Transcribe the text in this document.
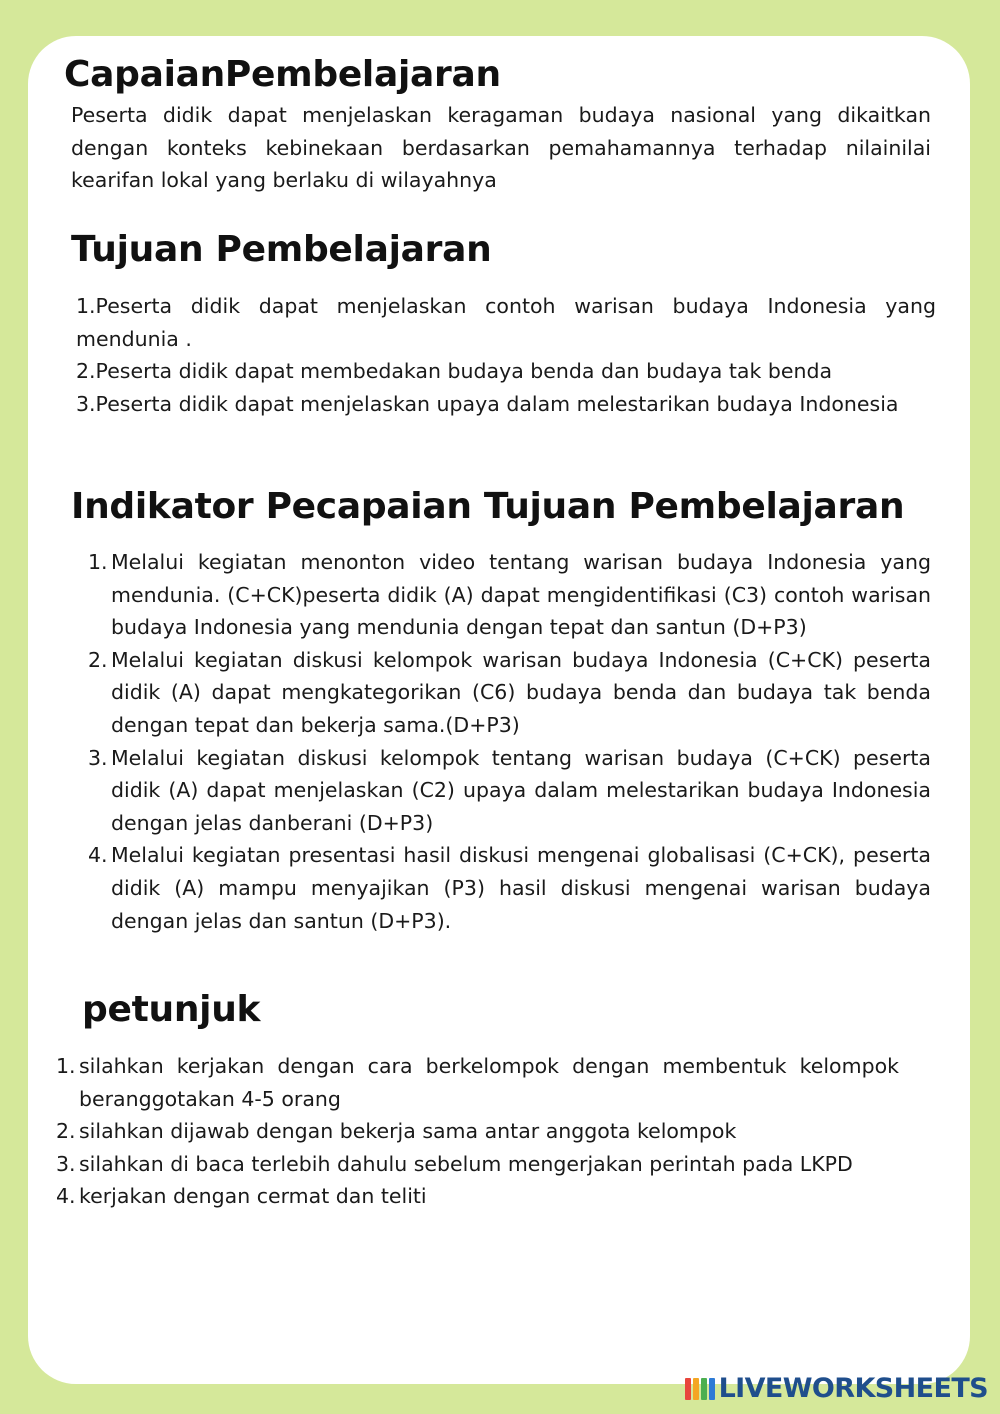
CapaianPembelajaran

Peserta didik dapat menjelaskan keragaman budaya nasional yang dikaitkan dengan konteks kebinekaan berdasarkan pemahamannya terhadap nilainilai kearifan lokal yang berlaku di wilayahnya

Tujuan Pembelajaran
1.Peserta didik dapat menjelaskan contoh warisan budaya Indonesia yang mendunia .
2.Peserta didik dapat membedakan budaya benda dan budaya tak benda
3.Peserta didik dapat menjelaskan upaya dalam melestarikan budaya Indonesia
Indikator Pecapaian Tujuan Pembelajaran
1. Melalui kegiatan menonton video tentang warisan budaya Indonesia yang mendunia. (C+CK)peserta didik (A) dapat mengidentifikasi (C3) contoh warisan budaya Indonesia yang mendunia dengan tepat dan santun (D+P3)
2. Melalui kegiatan diskusi kelompok warisan budaya Indonesia (C+CK) peserta didik (A) dapat mengkategorikan (C6) budaya benda dan budaya tak benda dengan tepat dan bekerja sama.(D+P3)
3. Melalui kegiatan diskusi kelompok tentang warisan budaya (C+CK) peserta didik (A) dapat menjelaskan (C2) upaya dalam melestarikan budaya Indonesia dengan jelas danberani (D+P3)
4. Melalui kegiatan presentasi hasil diskusi mengenai globalisasi (C+CK), peserta didik (A) mampu menyajikan (P3) hasil diskusi mengenai warisan budaya dengan jelas dan santun (D+P3).
petunjuk
1. silahkan kerjakan dengan cara berkelompok dengan membentuk kelompok beranggotakan 4-5 orang
2. silahkan dijawab dengan bekerja sama antar anggota kelompok
3. silahkan di baca terlebih dahulu sebelum mengerjakan perintah pada LKPD
4. kerjakan dengan cermat dan teliti
LIVEWORKSHEETS
